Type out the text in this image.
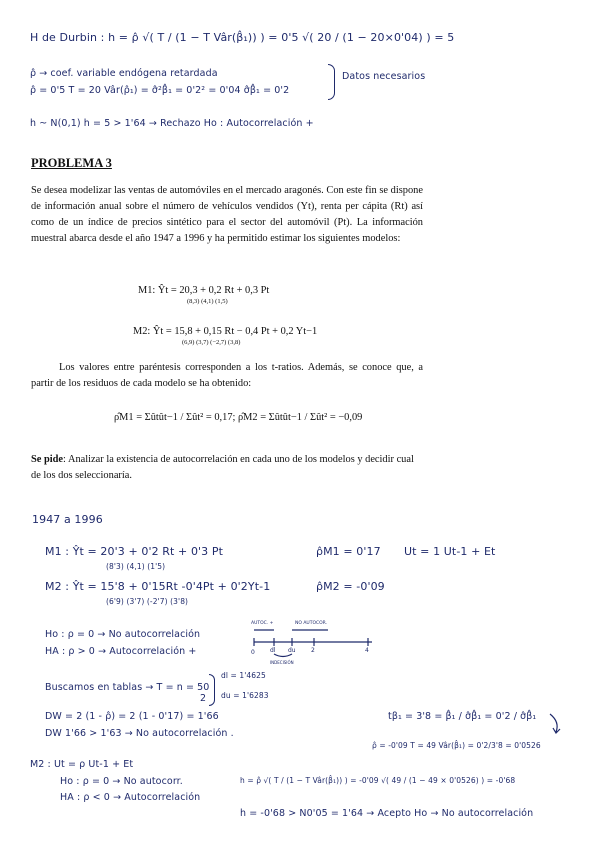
H de Durbin : h = ρ̂ √( T / (1 − T Vâr(β̂₁)) ) = 0'5 √( 20 / (1 − 20×0'04) ) = 5
ρ̂ → coef. variable endógena retardada
ρ̂ = 0'5 T = 20 Vâr(ρ̂₁) = σ̂²β̂₁ = 0'2² = 0'04 σ̂β̂₁ = 0'2
Datos necesarios
h ~ N(0,1) h = 5 > 1'64 → Rechazo Ho : Autocorrelación +
PROBLEMA 3
Se desea modelizar las ventas de automóviles en el mercado aragonés. Con este fin se dispone de información anual sobre el número de vehículos vendidos (Yt), renta per cápita (Rt) así como de un índice de precios sintético para el sector del automóvil (Pt). La información muestral abarca desde el año 1947 a 1996 y ha permitido estimar los siguientes modelos:
M1: Ŷt = 20,3 + 0,2 Rt + 0,3 Pt
(8,3) (4,1) (1,5)
M2: Ŷt = 15,8 + 0,15 Rt − 0,4 Pt + 0,2 Yt−1
(6,9) (3,7) (−2,7) (3,8)
Los valores entre paréntesis corresponden a los t-ratios. Además, se conoce que, a partir de los residuos de cada modelo se ha obtenido:
ρ̂M1 = Σûtût−1 / Σût² = 0,17; ρ̂M2 = Σûtût−1 / Σût² = −0,09
Se pide: Analizar la existencia de autocorrelación en cada uno de los modelos y decidir cual de los dos seleccionaría.
1947 a 1996
M1 : Ŷt = 20'3 + 0'2 Rt + 0'3 Pt
(8'3) (4,1) (1'5)
M2 : Ŷt = 15'8 + 0'15Rt -0'4Pt + 0'2Yt-1
(6'9) (3'7) (-2'7) (3'8)
ρ̂M1 = 0'17
ρ̂M2 = -0'09
Ut = 1 Ut-1 + Et
Ho : ρ = 0 → No autocorrelación
HA : ρ > 0 → Autocorrelación +
AUTOC. +	NO AUTOCOR.
0	dl du	2	4
INDECISIÓN
Buscamos en tablas → T = n = 50
2
dl = 1'4625
du = 1'6283
DW = 2 (1 - ρ̂) = 2 (1 - 0'17) = 1'66
DW 1'66 > 1'63 → No autocorrelación .
tβ₁ = 3'8 = β̂₁ / σ̂β̂₁ = 0'2 / σ̂β̂₁
ρ̂ = -0'09 T = 49 Vâr(β̂₁) = 0'2/3'8 = 0'0526
M2 : Ut = ρ Ut-1 + Et
Ho : ρ = 0 → No autocorr.
HA : ρ < 0 → Autocorrelación
h = ρ̂ √( T / (1 − T Vâr(β̂₁)) ) = -0'09 √( 49 / (1 − 49 × 0'0526) ) = -0'68
h = -0'68 > N0'05 = 1'64 → Acepto Ho → No autocorrelación
